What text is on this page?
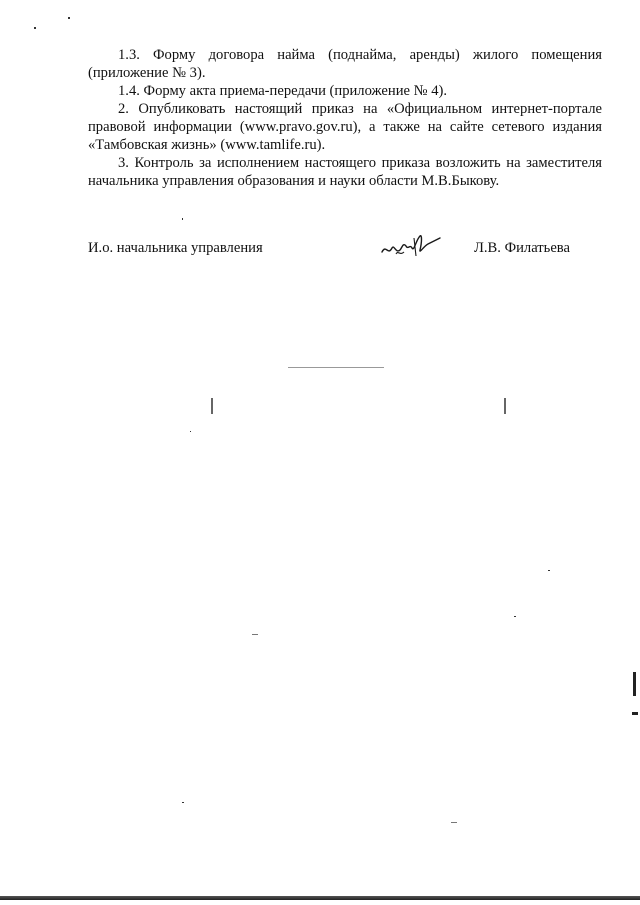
1.3. Форму договора найма (поднайма, аренды) жилого помещения (приложение № 3).

1.4. Форму акта приема-передачи (приложение № 4).

2. Опубликовать настоящий приказ на «Официальном интернет-портале правовой информации (www.pravo.gov.ru), а также на сайте сетевого издания «Тамбовская жизнь» (www.tamlife.ru).

3. Контроль за исполнением настоящего приказа возложить на заместителя начальника управления образования и науки области М.В.Быкову.

И.о. начальника управления	Л.В. Филатьева
